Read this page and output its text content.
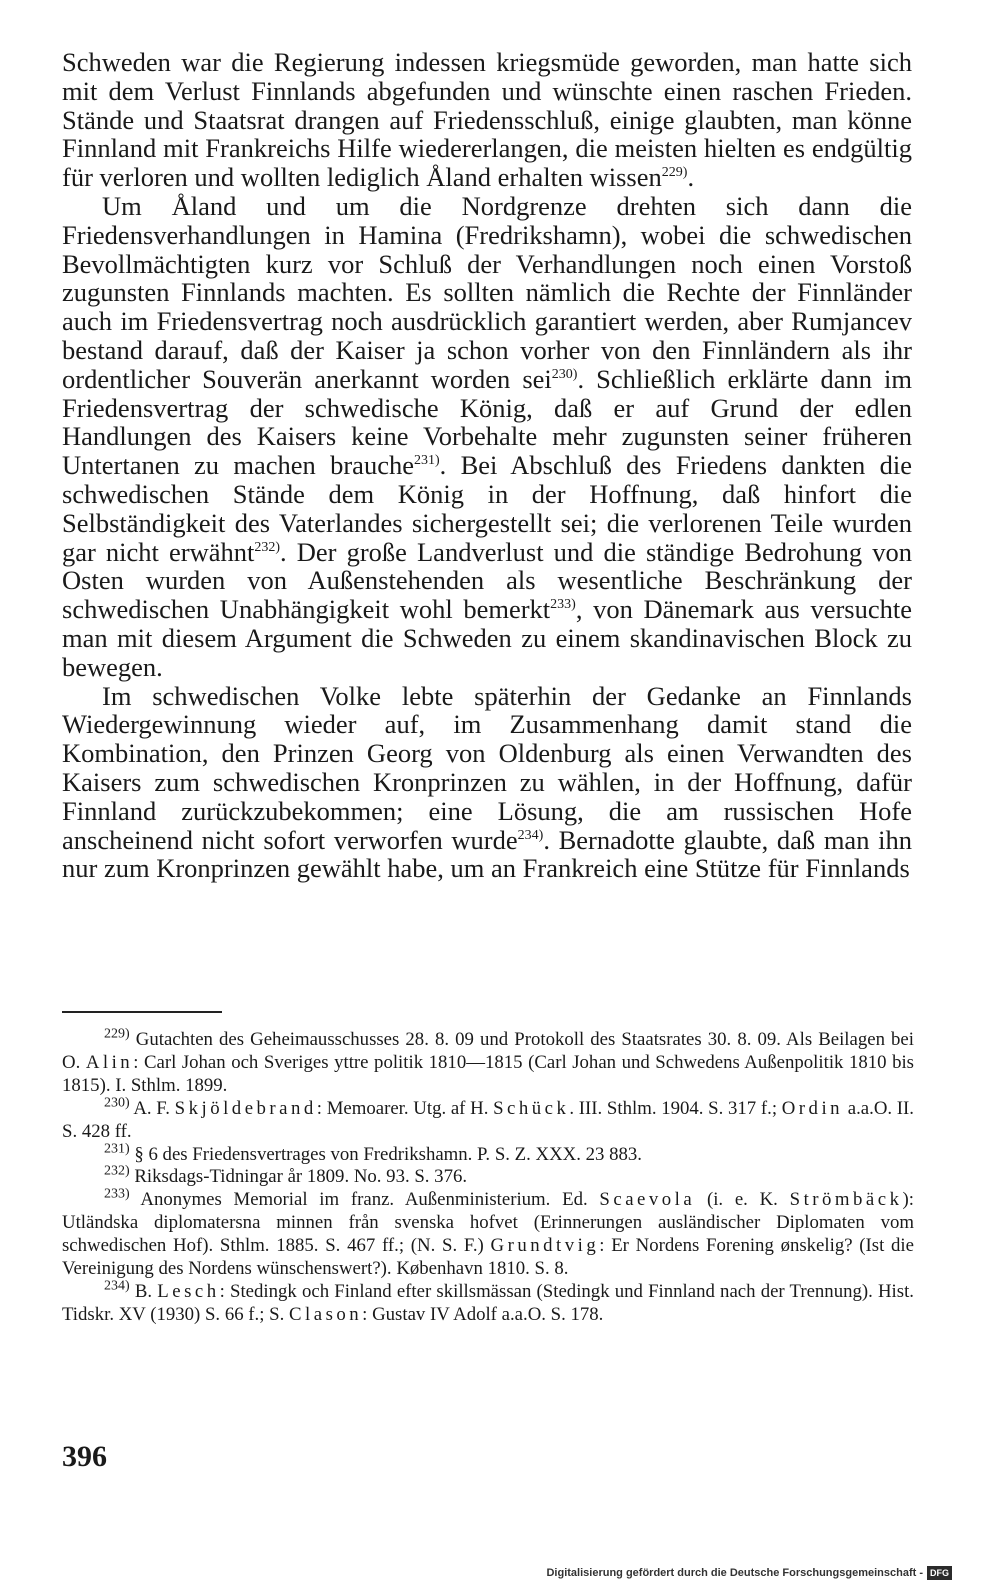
Schweden war die Regierung indessen kriegsmüde geworden, man hatte sich mit dem Verlust Finnlands abgefunden und wünschte einen raschen Frieden. Stände und Staatsrat drangen auf Friedensschluß, einige glaubten, man könne Finnland mit Frankreichs Hilfe wiedererlangen, die meisten hielten es endgültig für verloren und wollten lediglich Åland erhalten wissen$^{229)}$.

Um Åland und um die Nordgrenze drehten sich dann die Friedensverhandlungen in Hamina (Fredrikshamn), wobei die schwedischen Bevollmächtigten kurz vor Schluß der Verhandlungen noch einen Vorstoß zugunsten Finnlands machten. Es sollten nämlich die Rechte der Finnländer auch im Friedensvertrag noch ausdrücklich garantiert werden, aber Rumjancev bestand darauf, daß der Kaiser ja schon vorher von den Finnländern als ihr ordentlicher Souverän anerkannt worden sei$^{230)}$. Schließlich erklärte dann im Friedensvertrag der schwedische König, daß er auf Grund der edlen Handlungen des Kaisers keine Vorbehalte mehr zugunsten seiner früheren Untertanen zu machen brauche$^{231)}$. Bei Abschluß des Friedens dankten die schwedischen Stände dem König in der Hoffnung, daß hinfort die Selbständigkeit des Vaterlandes sichergestellt sei; die verlorenen Teile wurden gar nicht erwähnt$^{232)}$. Der große Landverlust und die ständige Bedrohung von Osten wurden von Außenstehenden als wesentliche Beschränkung der schwedischen Unabhängigkeit wohl bemerkt$^{233)}$, von Dänemark aus versuchte man mit diesem Argument die Schweden zu einem skandinavischen Block zu bewegen.

Im schwedischen Volke lebte späterhin der Gedanke an Finnlands Wiedergewinnung wieder auf, im Zusammenhang damit stand die Kombination, den Prinzen Georg von Oldenburg als einen Verwandten des Kaisers zum schwedischen Kronprinzen zu wählen, in der Hoffnung, dafür Finnland zurückzubekommen; eine Lösung, die am russischen Hofe anscheinend nicht sofort verworfen wurde$^{234)}$. Bernadotte glaubte, daß man ihn nur zum Kronprinzen gewählt habe, um an Frankreich eine Stütze für Finnlands

$^{229)}$ Gutachten des Geheimausschusses 28. 8. 09 und Protokoll des Staatsrates 30. 8. 09. Als Beilagen bei O. Alin: Carl Johan och Sveriges yttre politik 1810—1815 (Carl Johan und Schwedens Außenpolitik 1810 bis 1815). I. Sthlm. 1899.

$^{230)}$ A. F. Skjöldebrand: Memoarer. Utg. af H. Schück. III. Sthlm. 1904. S. 317 f.; Ordin a.a.O. II. S. 428 ff.

$^{231)}$ § 6 des Friedensvertrages von Fredrikshamn. P. S. Z. XXX. 23 883.

$^{232)}$ Riksdags-Tidningar år 1809. No. 93. S. 376.

$^{233)}$ Anonymes Memorial im franz. Außenministerium. Ed. Scaevola (i. e. K. Strömbäck): Utländska diplomatersna minnen från svenska hofvet (Erinnerungen ausländischer Diplomaten vom schwedischen Hof). Sthlm. 1885. S. 467 ff.; (N. S. F.) Grundtvig: Er Nordens Forening ønskelig? (Ist die Vereinigung des Nordens wünschenswert?). København 1810. S. 8.

$^{234)}$ B. Lesch: Stedingk och Finland efter skillsmässan (Stedingk und Finnland nach der Trennung). Hist. Tidskr. XV (1930) S. 66 f.; S. Clason: Gustav IV Adolf a.a.O. S. 178.

396
Digitalisierung gefördert durch die Deutsche Forschungsgemeinschaft - DFG
